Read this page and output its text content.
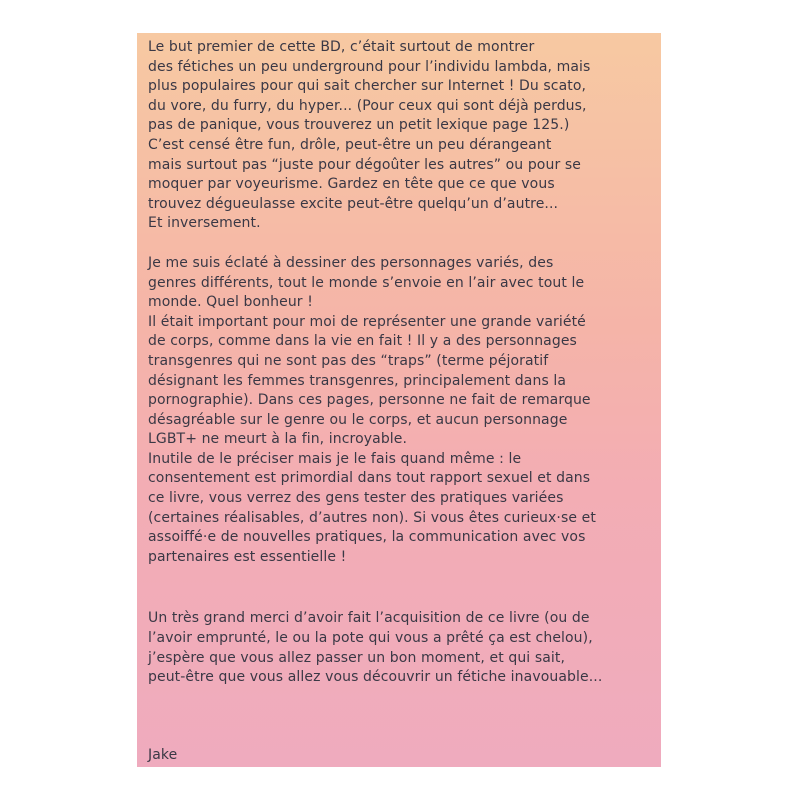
Le but premier de cette BD, c’était surtout de montrer
des fétiches un peu underground pour l’individu lambda, mais
plus populaires pour qui sait chercher sur Internet ! Du scato,
du vore, du furry, du hyper... (Pour ceux qui sont déjà perdus,
pas de panique, vous trouverez un petit lexique page 125.)
C’est censé être fun, drôle, peut-être un peu dérangeant
mais surtout pas “juste pour dégoûter les autres” ou pour se
moquer par voyeurisme. Gardez en tête que ce que vous
trouvez dégueulasse excite peut-être quelqu’un d’autre...
Et inversement.

Je me suis éclaté à dessiner des personnages variés, des
genres différents, tout le monde s’envoie en l’air avec tout le
monde. Quel bonheur !
Il était important pour moi de représenter une grande variété
de corps, comme dans la vie en fait ! Il y a des personnages
transgenres qui ne sont pas des “traps” (terme péjoratif
désignant les femmes transgenres, principalement dans la
pornographie). Dans ces pages, personne ne fait de remarque
désagréable sur le genre ou le corps, et aucun personnage
LGBT+ ne meurt à la fin, incroyable.
Inutile de le préciser mais je le fais quand même : le
consentement est primordial dans tout rapport sexuel et dans
ce livre, vous verrez des gens tester des pratiques variées
(certaines réalisables, d’autres non). Si vous êtes curieux·se et
assoiffé·e de nouvelles pratiques, la communication avec vos
partenaires est essentielle !

Un très grand merci d’avoir fait l’acquisition de ce livre (ou de
l’avoir emprunté, le ou la pote qui vous a prêté ça est chelou),
j’espère que vous allez passer un bon moment, et qui sait,
peut-être que vous allez vous découvrir un fétiche inavouable...

Jake
